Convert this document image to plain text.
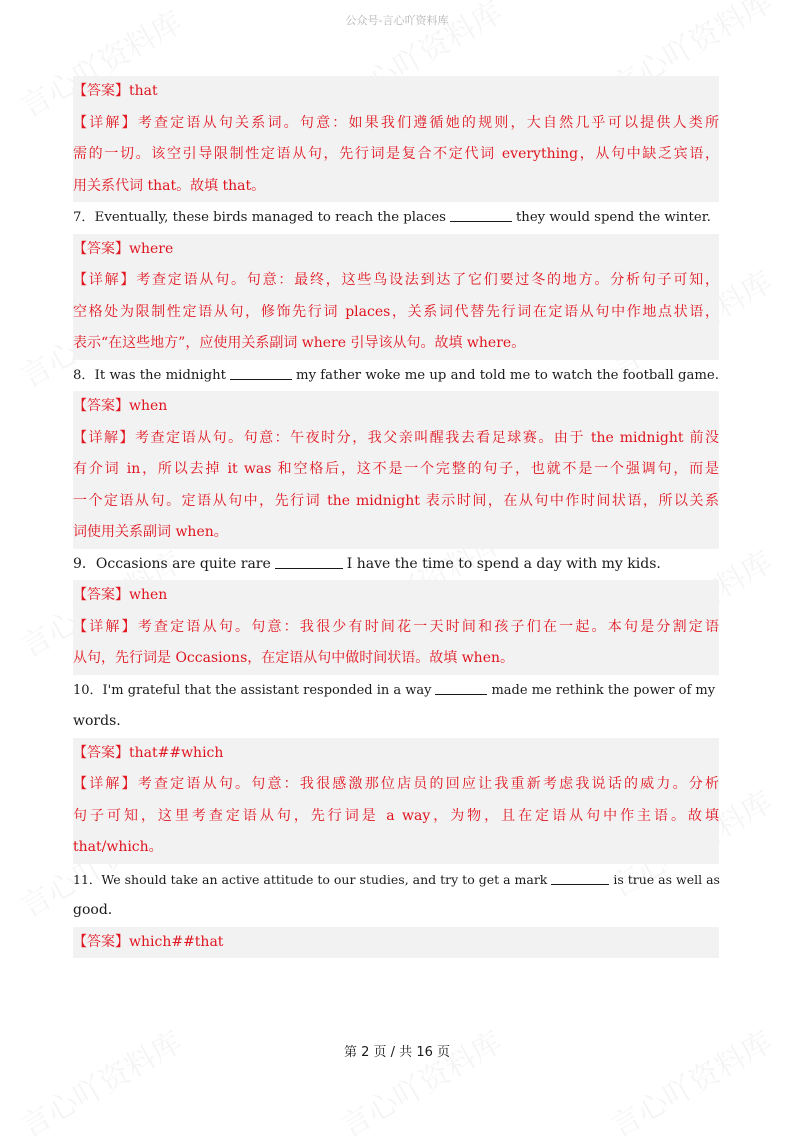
公众号-言心吖资料库
【答案】that
【详解】考查定语从句关系词。句意：如果我们遵循她的规则，大自然几乎可以提供人类所
需的一切。该空引导限制性定语从句，先行词是复合不定代词 everything，从句中缺乏宾语，
用关系代词 that。故填 that。
7．Eventually, these birds managed to reach the places	they would spend the winter.
【答案】where
【详解】考查定语从句。句意：最终，这些鸟设法到达了它们要过冬的地方。分析句子可知，
空格处为限制性定语从句，修饰先行词 places，关系词代替先行词在定语从句中作地点状语，
表示“在这些地方”，应使用关系副词 where 引导该从句。故填 where。
8．It was the midnight	my father woke me up and told me to watch the football game.
【答案】when
【详解】考查定语从句。句意：午夜时分，我父亲叫醒我去看足球赛。由于 the midnight 前没
有介词 in，所以去掉 it was 和空格后，这不是一个完整的句子，也就不是一个强调句，而是
一个定语从句。定语从句中，先行词 the midnight 表示时间，在从句中作时间状语，所以关系
词使用关系副词 when。
9．Occasions are quite rare	I have the time to spend a day with my kids.
【答案】when
【详解】考查定语从句。句意：我很少有时间花一天时间和孩子们在一起。本句是分割定语
从句，先行词是 Occasions，在定语从句中做时间状语。故填 when。
10．I'm grateful that the assistant responded in a way	made me rethink the power of my
words.
【答案】that##which
【详解】考查定语从句。句意：我很感激那位店员的回应让我重新考虑我说话的威力。分析
句子可知，这里考查定语从句，先行词是 a way，为物，且在定语从句中作主语。故填
that/which。
11．We should take an active attitude to our studies, and try to get a mark	is true as well as
good.
【答案】which##that
第 2 页 / 共 16 页
